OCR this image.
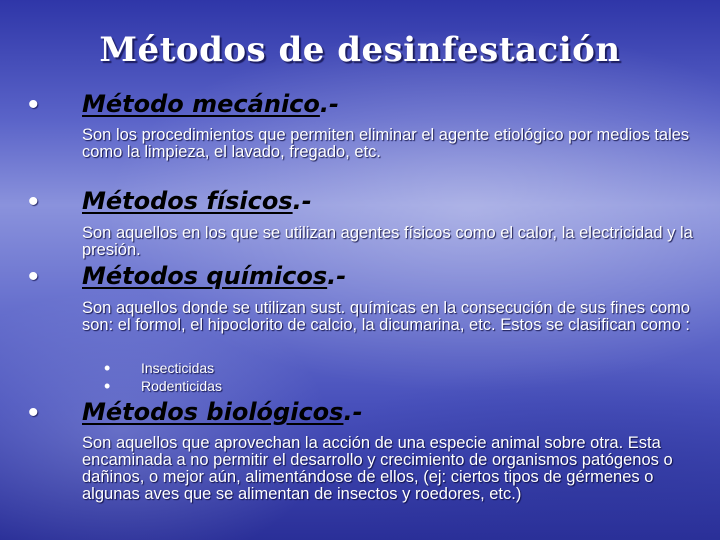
Métodos de desinfestación
• Método mecánico.-
Son los procedimientos que permiten eliminar el agente etiológico por medios tales como la limpieza, el lavado, fregado, etc.
• Métodos físicos.-
Son aquellos en los que se utilizan agentes físicos como el calor, la electricidad y la presión.
• Métodos químicos.-
Son aquellos donde se utilizan sust. químicas en la consecución de sus fines como son: el formol, el hipoclorito de calcio, la dicumarina, etc. Estos se clasifican como :
• Insecticidas
• Rodenticidas
• Métodos biológicos.-
Son aquellos que aprovechan la acción de una especie animal sobre otra. Esta encaminada a no permitir el desarrollo y crecimiento de organismos patógenos o dañinos, o mejor aún, alimentándose de ellos, (ej: ciertos tipos de gérmenes o algunas aves que se alimentan de insectos y roedores, etc.)
